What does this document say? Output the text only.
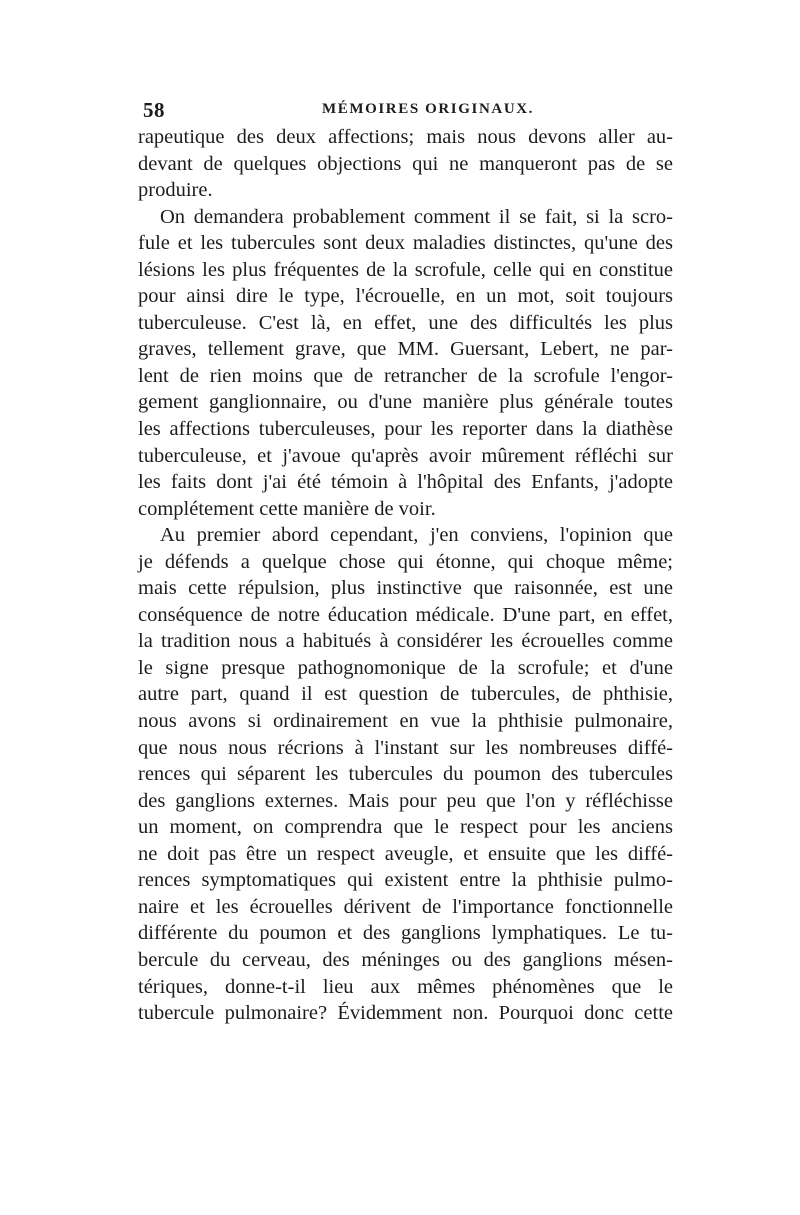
58	MÉMOIRES ORIGINAUX.
rapeutique des deux affections; mais nous devons aller au-
devant de quelques objections qui ne manqueront pas de se
produire.
On demandera probablement comment il se fait, si la scro-
fule et les tubercules sont deux maladies distinctes, qu'une des
lésions les plus fréquentes de la scrofule, celle qui en constitue
pour ainsi dire le type, l'écrouelle, en un mot, soit toujours
tuberculeuse. C'est là, en effet, une des difficultés les plus
graves, tellement grave, que MM. Guersant, Lebert, ne par-
lent de rien moins que de retrancher de la scrofule l'engor-
gement ganglionnaire, ou d'une manière plus générale toutes
les affections tuberculeuses, pour les reporter dans la diathèse
tuberculeuse, et j'avoue qu'après avoir mûrement réfléchi sur
les faits dont j'ai été témoin à l'hôpital des Enfants, j'adopte
complétement cette manière de voir.
Au premier abord cependant, j'en conviens, l'opinion que
je défends a quelque chose qui étonne, qui choque même;
mais cette répulsion, plus instinctive que raisonnée, est une
conséquence de notre éducation médicale. D'une part, en effet,
la tradition nous a habitués à considérer les écrouelles comme
le signe presque pathognomonique de la scrofule; et d'une
autre part, quand il est question de tubercules, de phthisie,
nous avons si ordinairement en vue la phthisie pulmonaire,
que nous nous récrions à l'instant sur les nombreuses diffé-
rences qui séparent les tubercules du poumon des tubercules
des ganglions externes. Mais pour peu que l'on y réfléchisse
un moment, on comprendra que le respect pour les anciens
ne doit pas être un respect aveugle, et ensuite que les diffé-
rences symptomatiques qui existent entre la phthisie pulmo-
naire et les écrouelles dérivent de l'importance fonctionnelle
différente du poumon et des ganglions lymphatiques. Le tu-
bercule du cerveau, des méninges ou des ganglions mésen-
tériques, donne-t-il lieu aux mêmes phénomènes que le
tubercule pulmonaire? Évidemment non. Pourquoi donc cette
